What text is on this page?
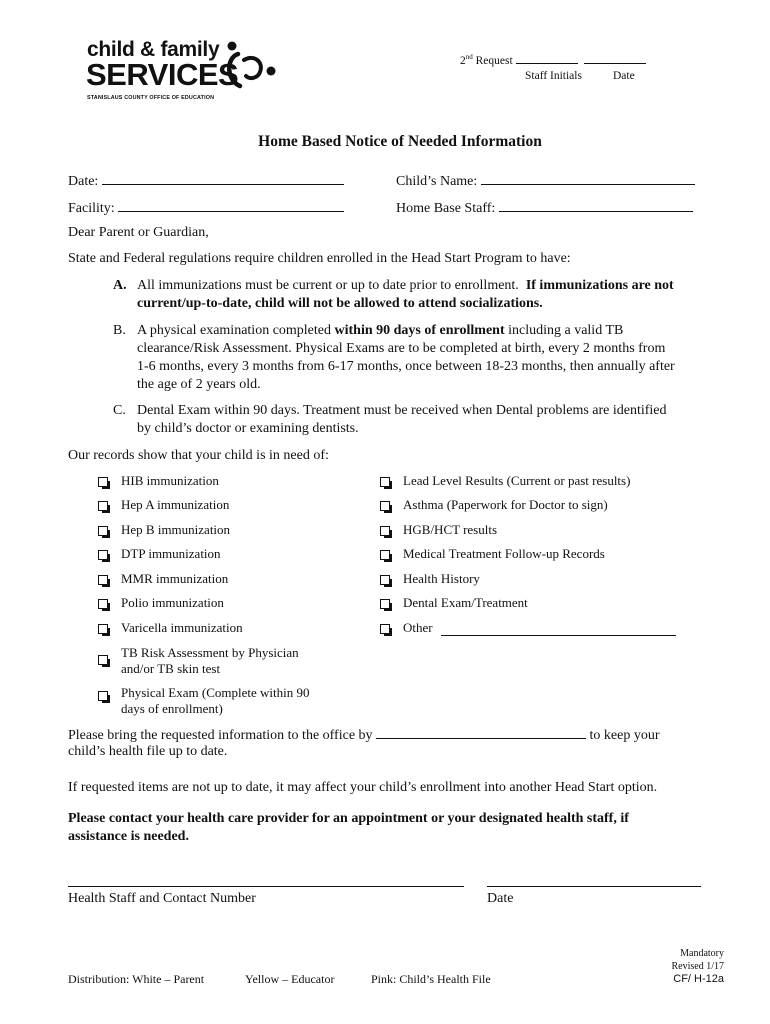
child & family
SERVICES
STANISLAUS COUNTY OFFICE OF EDUCATION
2nd Request
Staff Initials	Date
Home Based Notice of Needed Information
Date:	Child’s Name:
Facility:	Home Base Staff:
Dear Parent or Guardian,
State and Federal regulations require children enrolled in the Head Start Program to have:
A. All immunizations must be current or up to date prior to enrollment. If immunizations are not
current/up-to-date, child will not be allowed to attend socializations.
B. A physical examination completed within 90 days of enrollment including a valid TB
clearance/Risk Assessment. Physical Exams are to be completed at birth, every 2 months from
1-6 months, every 3 months from 6-17 months, once between 18-23 months, then annually after
the age of 2 years old.
C. Dental Exam within 90 days. Treatment must be received when Dental problems are identified
by child’s doctor or examining dentists.
Our records show that your child is in need of:
HIB immunization
Hep A immunization
Hep B immunization
DTP immunization
MMR immunization
Polio immunization
Varicella immunization
TB Risk Assessment by Physician
and/or TB skin test
Physical Exam (Complete within 90
days of enrollment)
Lead Level Results (Current or past results)
Asthma (Paperwork for Doctor to sign)
HGB/HCT results
Medical Treatment Follow-up Records
Health History
Dental Exam/Treatment
Other
Please bring the requested information to the office by	to keep your
child’s health file up to date.
If requested items are not up to date, it may affect your child’s enrollment into another Head Start option.
Please contact your health care provider for an appointment or your designated health staff, if
assistance is needed.
Health Staff and Contact Number	Date
Mandatory
Revised 1/17
Distribution: White – Parent	Yellow – Educator	Pink: Child’s Health File	CF/ H-12a
